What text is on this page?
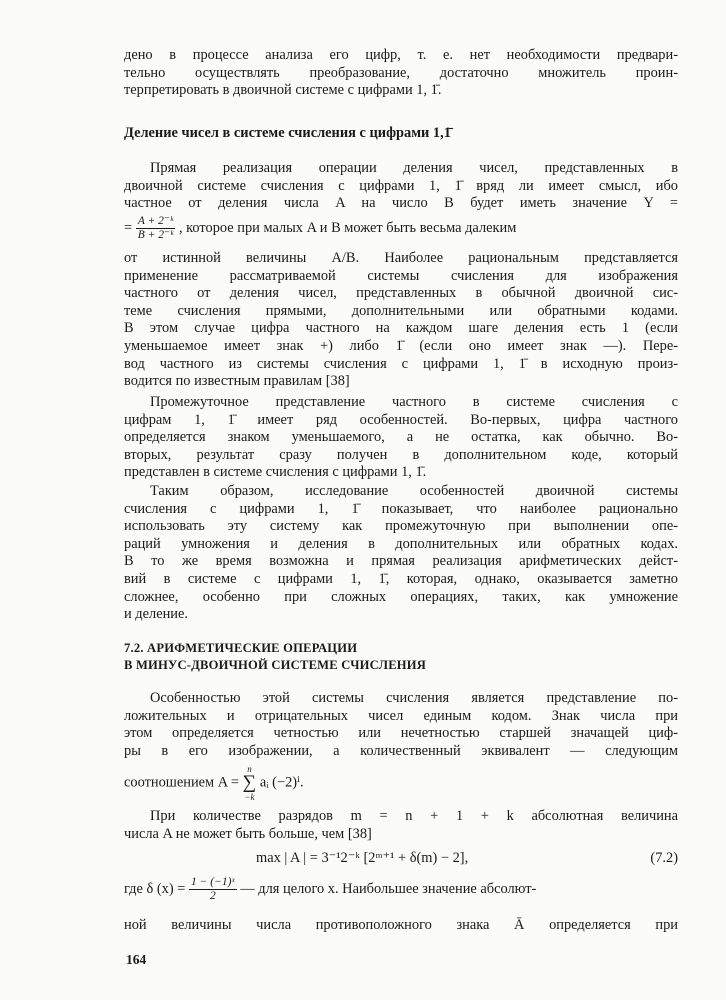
дено в процессе анализа его цифр, т. е. нет необходимости предвари-
тельно осуществлять преобразование, достаточно множитель проин-
терпретировать в двоичной системе с цифрами 1, 1̄.

Деление чисел в системе счисления с цифрами 1,1̄

Прямая реализация операции деления чисел, представленных в
двоичной системе счисления с цифрами 1, 1̄ вряд ли имеет смысл, ибо
частное от деления числа A на число B будет иметь значение Y =

= $\frac{\text{A + 2⁻ᵏ}}{\text{B + 2⁻ᵏ}}$ , которое при малых A и B может быть весьма далеким

от истинной величины A/B. Наиболее рациональным представляется
применение рассматриваемой системы счисления для изображения
частного от деления чисел, представленных в обычной двоичной сис-
теме счисления прямыми, дополнительными или обратными кодами.
В этом случае цифра частного на каждом шаге деления есть 1 (если
уменьшаемое имеет знак +) либо 1̄ (если оно имеет знак —). Пере-
вод частного из системы счисления с цифрами 1, 1̄ в исходную произ-
водится по известным правилам [38]

Промежуточное представление частного в системе счисления с
цифрам 1, 1̄ имеет ряд особенностей. Во-первых, цифра частного
определяется знаком уменьшаемого, а не остатка, как обычно. Во-
вторых, результат сразу получен в дополнительном коде, который
представлен в системе счисления с цифрами 1, 1̄.

Таким образом, исследование особенностей двоичной системы
счисления с цифрами 1, 1̄ показывает, что наиболее рационально
использовать эту систему как промежуточную при выполнении опе-
раций умножения и деления в дополнительных или обратных кодах.
В то же время возможна и прямая реализация арифметических дейст-
вий в системе с цифрами 1, 1̄, которая, однако, оказывается заметно
сложнее, особенно при сложных операциях, таких, как умножение
и деление.

7.2. АРИФМЕТИЧЕСКИЕ ОПЕРАЦИИ
В МИНУС-ДВОИЧНОЙ СИСТЕМЕ СЧИСЛЕНИЯ

Особенностью этой системы счисления является представление по-
ложительных и отрицательных чисел единым кодом. Знак числа при
этом определяется четностью или нечетностью старшей значащей циф-
ры в его изображении, а количественный эквивалент — следующим

соотношением A =
n
∑
−k
aᵢ (−2)ⁱ.

При количестве разрядов m = n + 1 + k абсолютная величина
числа A не может быть больше, чем [38]

max | A | = 3⁻¹2⁻ᵏ [2ᵐ⁺¹ + δ(m) − 2],	(7.2)
где δ $(x) = \frac{\text{1 − (−1)ˣ}}{2}$ — для целого x. Наибольшее значение абсолют-

ной величины числа противоположного знака Ā определяется при

164
